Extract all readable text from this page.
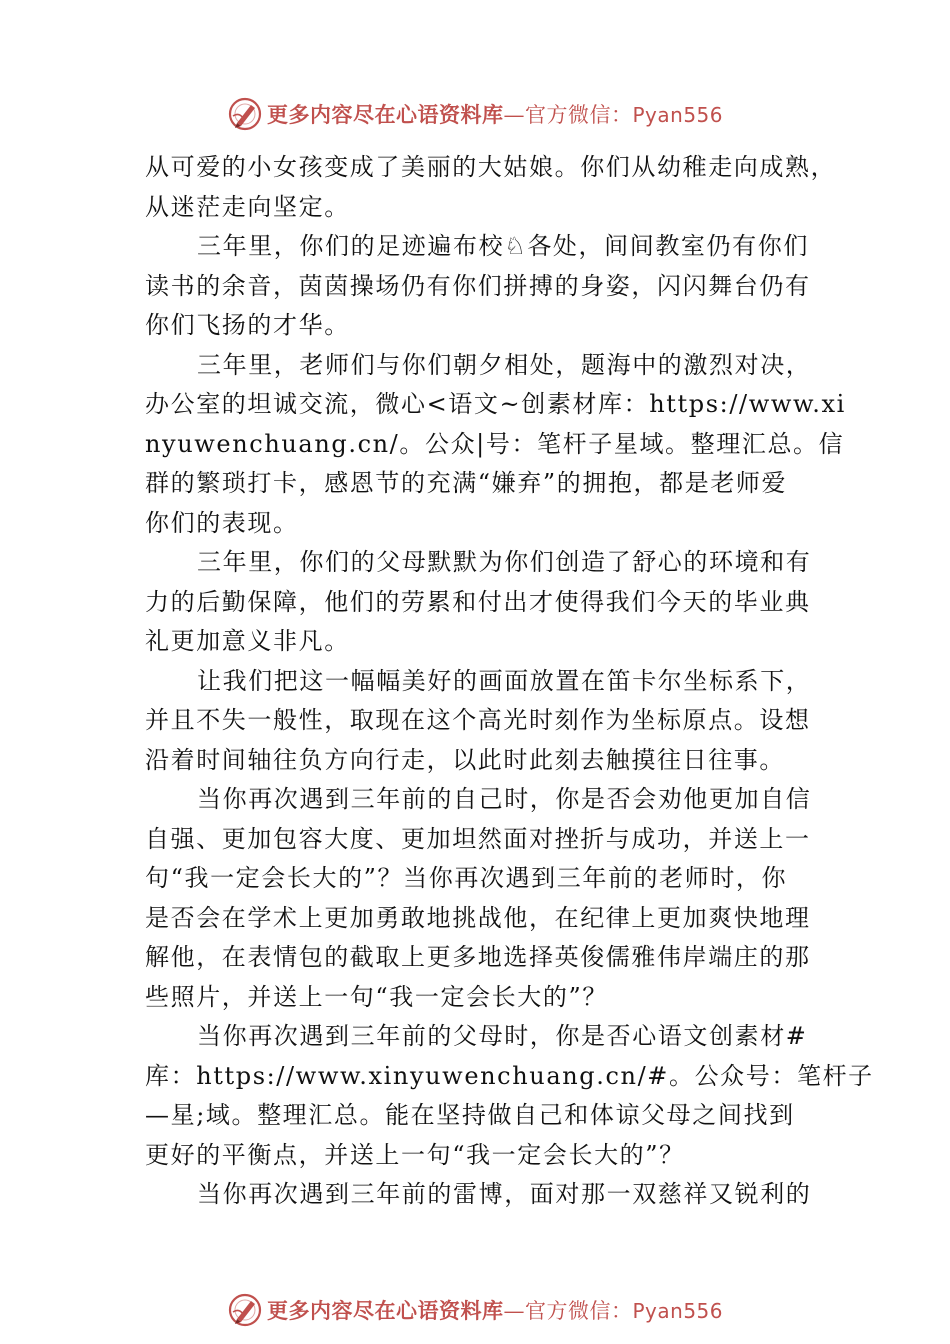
更多内容尽在心语资料库—官方微信：Pyan556
从可爱的小女孩变成了美丽的大姑娘。你们从幼稚走向成熟，
从迷茫走向坚定。
三年里，你们的足迹遍布校♘各处，间间教室仍有你们
读书的余音，茵茵操场仍有你们拼搏的身姿，闪闪舞台仍有
你们飞扬的才华。
三年里，老师们与你们朝夕相处，题海中的激烈对决，
办公室的坦诚交流，微心<语文~创素材库：https://www.xi
nyuwenchuang.cn/。公众|号：笔杆子星域。整理汇总。信
群的繁琐打卡，感恩节的充满“嫌弃”的拥抱，都是老师爱
你们的表现。
三年里，你们的父母默默为你们创造了舒心的环境和有
力的后勤保障，他们的劳累和付出才使得我们今天的毕业典
礼更加意义非凡。
让我们把这一幅幅美好的画面放置在笛卡尔坐标系下，
并且不失一般性，取现在这个高光时刻作为坐标原点。设想
沿着时间轴往负方向行走，以此时此刻去触摸往日往事。
当你再次遇到三年前的自己时，你是否会劝他更加自信
自强、更加包容大度、更加坦然面对挫折与成功，并送上一
句“我一定会长大的”？当你再次遇到三年前的老师时，你
是否会在学术上更加勇敢地挑战他，在纪律上更加爽快地理
解他，在表情包的截取上更多地选择英俊儒雅伟岸端庄的那
些照片，并送上一句“我一定会长大的”？
当你再次遇到三年前的父母时，你是否心语文创素材#
库：https://www.xinyuwenchuang.cn/#。公众号：笔杆子
—星;域。整理汇总。能在坚持做自己和体谅父母之间找到
更好的平衡点，并送上一句“我一定会长大的”？
当你再次遇到三年前的雷博，面对那一双慈祥又锐利的
更多内容尽在心语资料库—官方微信：Pyan556
